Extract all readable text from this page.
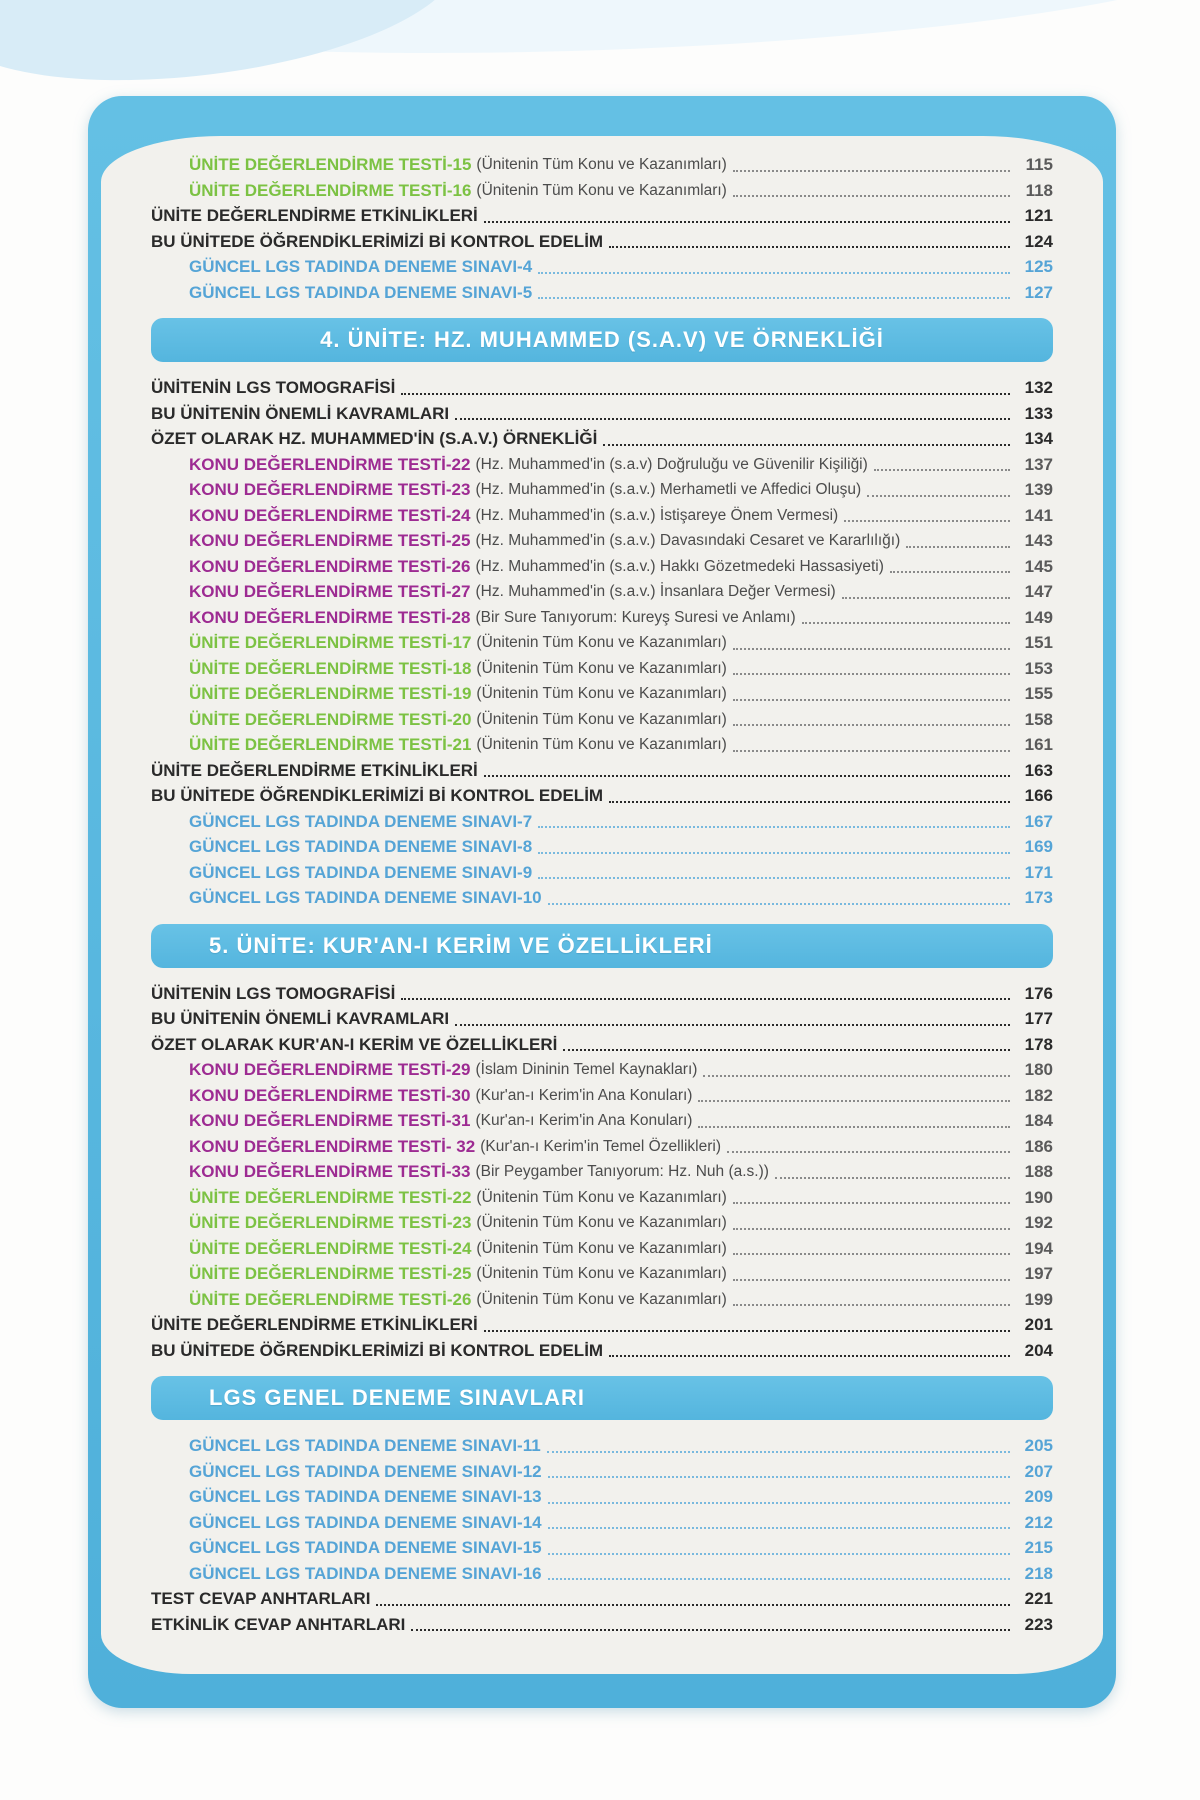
ÜNİTE DEĞERLENDİRME TESTİ-15 (Ünitenin Tüm Konu ve Kazanımları)	115
ÜNİTE DEĞERLENDİRME TESTİ-16 (Ünitenin Tüm Konu ve Kazanımları)	118
ÜNİTE DEĞERLENDİRME ETKİNLİKLERİ	121
BU ÜNİTEDE ÖĞRENDİKLERİMİZİ Bİ KONTROL EDELİM	124
GÜNCEL LGS TADINDA DENEME SINAVI-4	125
GÜNCEL LGS TADINDA DENEME SINAVI-5	127
4. ÜNİTE: HZ. MUHAMMED (S.A.V) VE ÖRNEKLİĞİ
ÜNİTENİN LGS TOMOGRAFİSİ	132
BU ÜNİTENİN ÖNEMLİ KAVRAMLARI	133
ÖZET OLARAK HZ. MUHAMMED'İN (S.A.V.) ÖRNEKLİĞİ	134
KONU DEĞERLENDİRME TESTİ-22 (Hz. Muhammed'in (s.a.v) Doğruluğu ve Güvenilir Kişiliği)	137
KONU DEĞERLENDİRME TESTİ-23 (Hz. Muhammed'in (s.a.v.) Merhametli ve Affedici Oluşu)	139
KONU DEĞERLENDİRME TESTİ-24 (Hz. Muhammed'in (s.a.v.) İstişareye Önem Vermesi)	141
KONU DEĞERLENDİRME TESTİ-25 (Hz. Muhammed'in (s.a.v.) Davasındaki Cesaret ve Kararlılığı)	143
KONU DEĞERLENDİRME TESTİ-26 (Hz. Muhammed'in (s.a.v.) Hakkı Gözetmedeki Hassasiyeti)	145
KONU DEĞERLENDİRME TESTİ-27 (Hz. Muhammed'in (s.a.v.) İnsanlara Değer Vermesi)	147
KONU DEĞERLENDİRME TESTİ-28 (Bir Sure Tanıyorum: Kureyş Suresi ve Anlamı)	149
ÜNİTE DEĞERLENDİRME TESTİ-17 (Ünitenin Tüm Konu ve Kazanımları)	151
ÜNİTE DEĞERLENDİRME TESTİ-18 (Ünitenin Tüm Konu ve Kazanımları)	153
ÜNİTE DEĞERLENDİRME TESTİ-19 (Ünitenin Tüm Konu ve Kazanımları)	155
ÜNİTE DEĞERLENDİRME TESTİ-20 (Ünitenin Tüm Konu ve Kazanımları)	158
ÜNİTE DEĞERLENDİRME TESTİ-21 (Ünitenin Tüm Konu ve Kazanımları)	161
ÜNİTE DEĞERLENDİRME ETKİNLİKLERİ	163
BU ÜNİTEDE ÖĞRENDİKLERİMİZİ Bİ KONTROL EDELİM	166
GÜNCEL LGS TADINDA DENEME SINAVI-7	167
GÜNCEL LGS TADINDA DENEME SINAVI-8	169
GÜNCEL LGS TADINDA DENEME SINAVI-9	171
GÜNCEL LGS TADINDA DENEME SINAVI-10	173
5. ÜNİTE: KUR'AN-I KERİM VE ÖZELLİKLERİ
ÜNİTENİN LGS TOMOGRAFİSİ	176
BU ÜNİTENİN ÖNEMLİ KAVRAMLARI	177
ÖZET OLARAK KUR'AN-I KERİM VE ÖZELLİKLERİ	178
KONU DEĞERLENDİRME TESTİ-29 (İslam Dininin Temel Kaynakları)	180
KONU DEĞERLENDİRME TESTİ-30 (Kur'an-ı Kerim'in Ana Konuları)	182
KONU DEĞERLENDİRME TESTİ-31 (Kur'an-ı Kerim'in Ana Konuları)	184
KONU DEĞERLENDİRME TESTİ- 32 (Kur'an-ı Kerim'in Temel Özellikleri)	186
KONU DEĞERLENDİRME TESTİ-33 (Bir Peygamber Tanıyorum: Hz. Nuh (a.s.))	188
ÜNİTE DEĞERLENDİRME TESTİ-22 (Ünitenin Tüm Konu ve Kazanımları)	190
ÜNİTE DEĞERLENDİRME TESTİ-23 (Ünitenin Tüm Konu ve Kazanımları)	192
ÜNİTE DEĞERLENDİRME TESTİ-24 (Ünitenin Tüm Konu ve Kazanımları)	194
ÜNİTE DEĞERLENDİRME TESTİ-25 (Ünitenin Tüm Konu ve Kazanımları)	197
ÜNİTE DEĞERLENDİRME TESTİ-26 (Ünitenin Tüm Konu ve Kazanımları)	199
ÜNİTE DEĞERLENDİRME ETKİNLİKLERİ	201
BU ÜNİTEDE ÖĞRENDİKLERİMİZİ Bİ KONTROL EDELİM	204
LGS GENEL DENEME SINAVLARI
GÜNCEL LGS TADINDA DENEME SINAVI-11	205
GÜNCEL LGS TADINDA DENEME SINAVI-12	207
GÜNCEL LGS TADINDA DENEME SINAVI-13	209
GÜNCEL LGS TADINDA DENEME SINAVI-14	212
GÜNCEL LGS TADINDA DENEME SINAVI-15	215
GÜNCEL LGS TADINDA DENEME SINAVI-16	218
TEST CEVAP ANHTARLARI	221
ETKİNLİK CEVAP ANHTARLARI	223
